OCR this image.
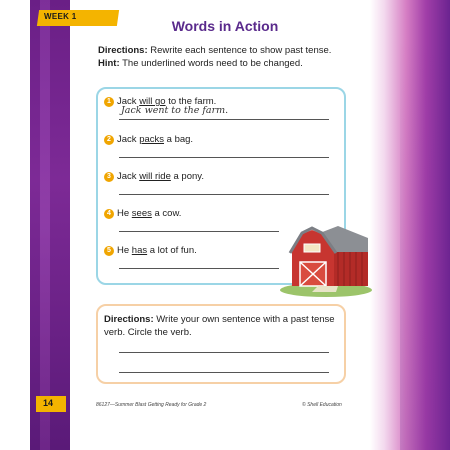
WEEK 1
Words in Action
Directions: Rewrite each sentence to show past tense.
Hint: The underlined words need to be changed.
1 Jack will go to the farm.
Jack went to the farm.
2 Jack packs a bag.
3 Jack will ride a pony.
4 He sees a cow.
5 He has a lot of fun.
Directions: Write your own sentence with a past tense verb. Circle the verb.
14	86127—Summer Blast Getting Ready for Grade 2	© Shell Education
